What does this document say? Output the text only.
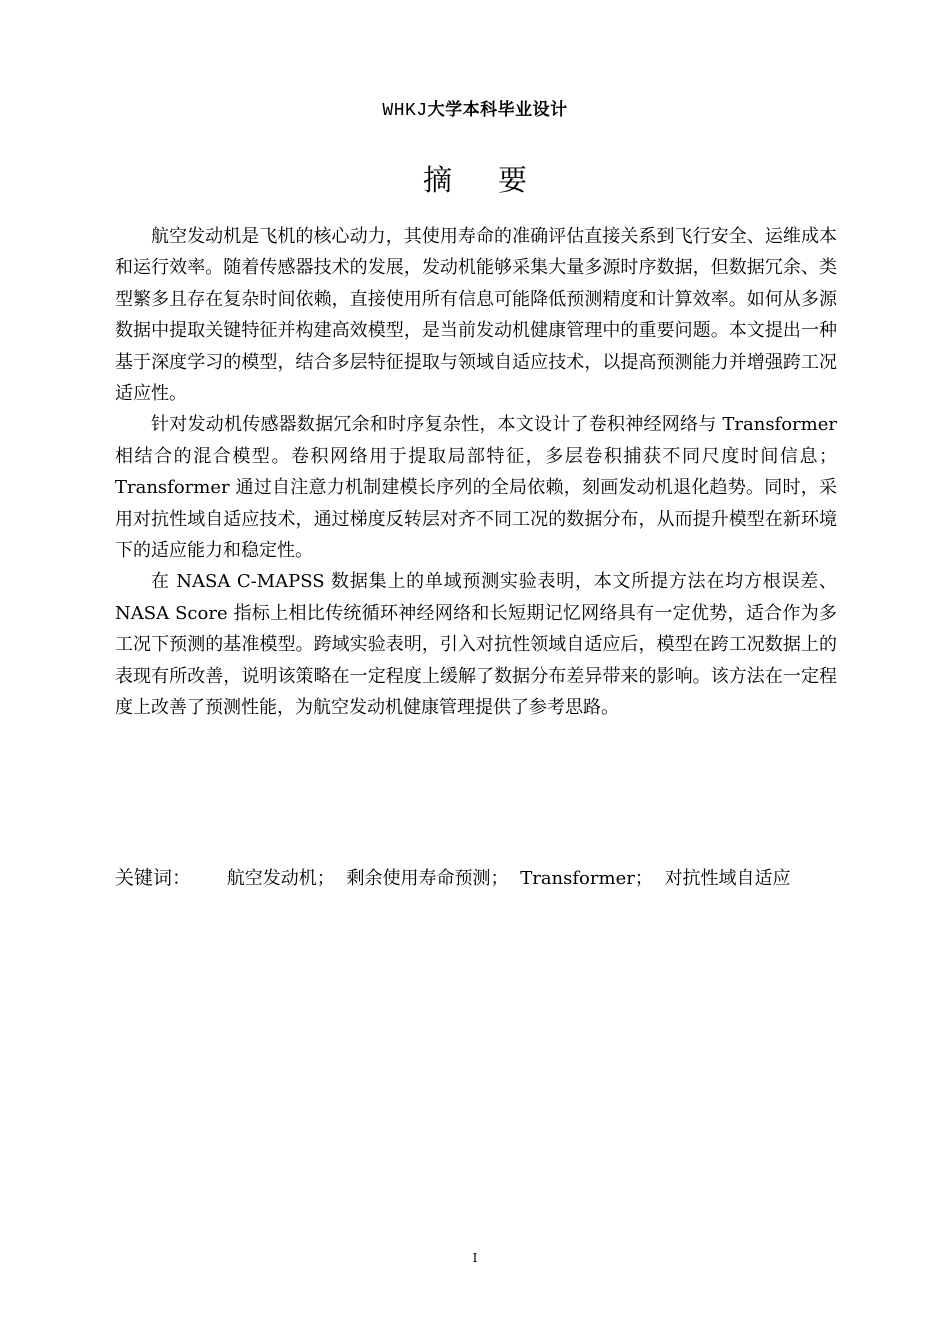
WHKJ大学本科毕业设计
摘要

航空发动机是飞机的核心动力，其使用寿命的准确评估直接关系到飞行安全、运维成本和运行效率。随着传感器技术的发展，发动机能够采集大量多源时序数据，但数据冗余、类型繁多且存在复杂时间依赖，直接使用所有信息可能降低预测精度和计算效率。如何从多源数据中提取关键特征并构建高效模型，是当前发动机健康管理中的重要问题。本文提出一种基于深度学习的模型，结合多层特征提取与领域自适应技术，以提高预测能力并增强跨工况适应性。

针对发动机传感器数据冗余和时序复杂性，本文设计了卷积神经网络与 Transformer 相结合的混合模型。卷积网络用于提取局部特征，多层卷积捕获不同尺度时间信息；Transformer 通过自注意力机制建模长序列的全局依赖，刻画发动机退化趋势。同时，采用对抗性域自适应技术，通过梯度反转层对齐不同工况的数据分布，从而提升模型在新环境下的适应能力和稳定性。

在 NASA C-MAPSS 数据集上的单域预测实验表明，本文所提方法在均方根误差、NASA Score 指标上相比传统循环神经网络和长短期记忆网络具有一定优势，适合作为多工况下预测的基准模型。跨域实验表明，引入对抗性领域自适应后，模型在跨工况数据上的表现有所改善，说明该策略在一定程度上缓解了数据分布差异带来的影响。该方法在一定程度上改善了预测性能，为航空发动机健康管理提供了参考思路。

关键词： 航空发动机； 剩余使用寿命预测； Transformer； 对抗性域自适应
I
